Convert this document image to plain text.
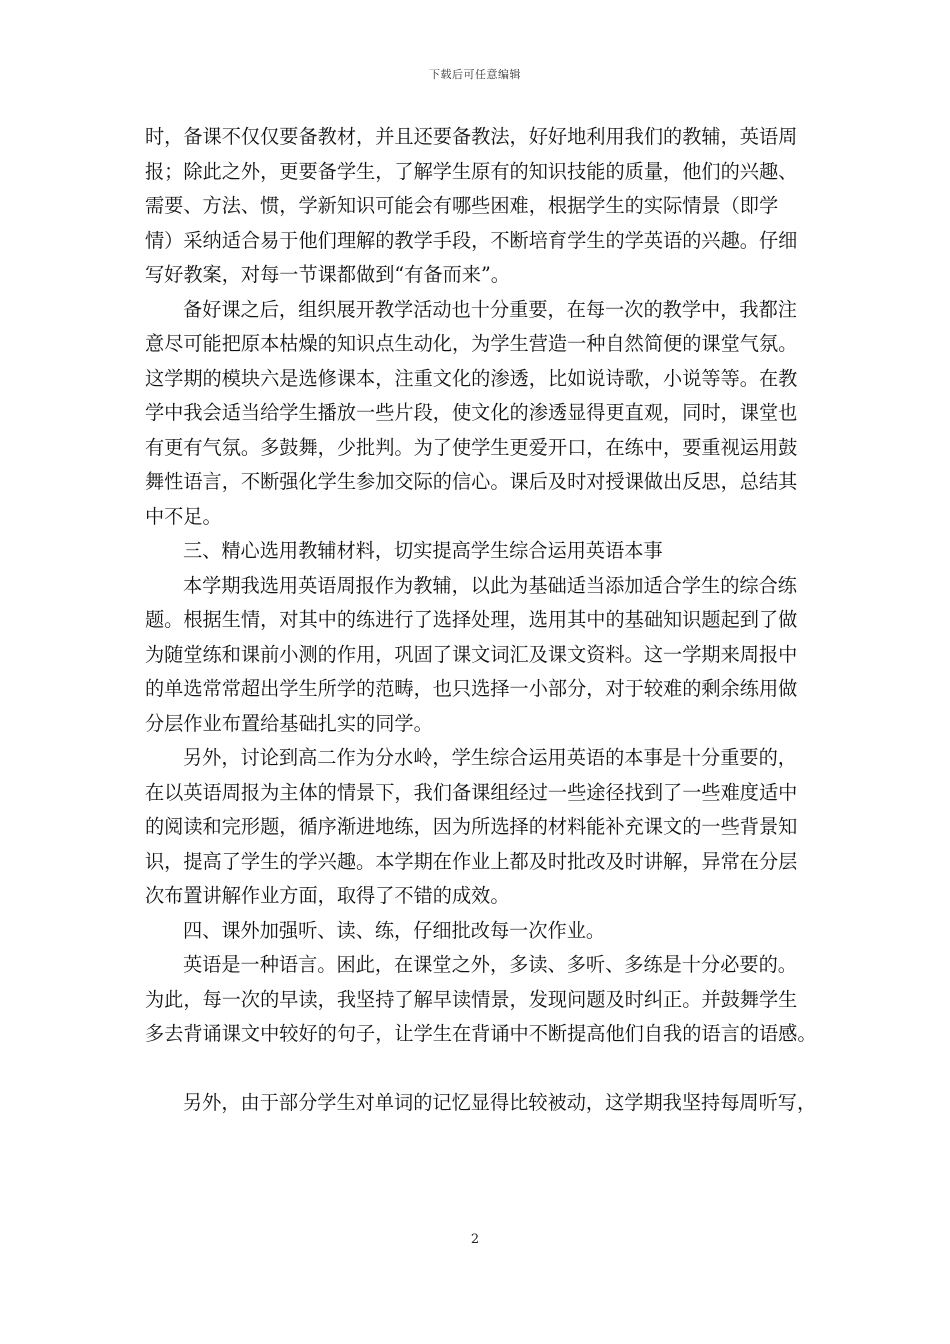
下载后可任意编辑
时，备课不仅仅要备教材，并且还要备教法，好好地利用我们的教辅，英语周
报；除此之外，更要备学生，了解学生原有的知识技能的质量，他们的兴趣、
需要、方法、惯，学新知识可能会有哪些困难，根据学生的实际情景（即学
情）采纳适合易于他们理解的教学手段，不断培育学生的学英语的兴趣。仔细
写好教案，对每一节课都做到“有备而来”。
备好课之后，组织展开教学活动也十分重要，在每一次的教学中，我都注
意尽可能把原本枯燥的知识点生动化，为学生营造一种自然简便的课堂气氛。
这学期的模块六是选修课本，注重文化的渗透，比如说诗歌，小说等等。在教
学中我会适当给学生播放一些片段，使文化的渗透显得更直观，同时，课堂也
有更有气氛。多鼓舞，少批判。为了使学生更爱开口，在练中，要重视运用鼓
舞性语言，不断强化学生参加交际的信心。课后及时对授课做出反思，总结其
中不足。
三、精心选用教辅材料，切实提高学生综合运用英语本事
本学期我选用英语周报作为教辅，以此为基础适当添加适合学生的综合练
题。根据生情，对其中的练进行了选择处理，选用其中的基础知识题起到了做
为随堂练和课前小测的作用，巩固了课文词汇及课文资料。这一学期来周报中
的单选常常超出学生所学的范畴，也只选择一小部分，对于较难的剩余练用做
分层作业布置给基础扎实的同学。
另外，讨论到高二作为分水岭，学生综合运用英语的本事是十分重要的，
在以英语周报为主体的情景下，我们备课组经过一些途径找到了一些难度适中
的阅读和完形题，循序渐进地练，因为所选择的材料能补充课文的一些背景知
识，提高了学生的学兴趣。本学期在作业上都及时批改及时讲解，异常在分层
次布置讲解作业方面，取得了不错的成效。
四、课外加强听、读、练，仔细批改每一次作业。
英语是一种语言。困此，在课堂之外，多读、多听、多练是十分必要的。
为此，每一次的早读，我坚持了解早读情景，发现问题及时纠正。并鼓舞学生
多去背诵课文中较好的句子，让学生在背诵中不断提高他们自我的语言的语感。
另外，由于部分学生对单词的记忆显得比较被动，这学期我坚持每周听写，
2
